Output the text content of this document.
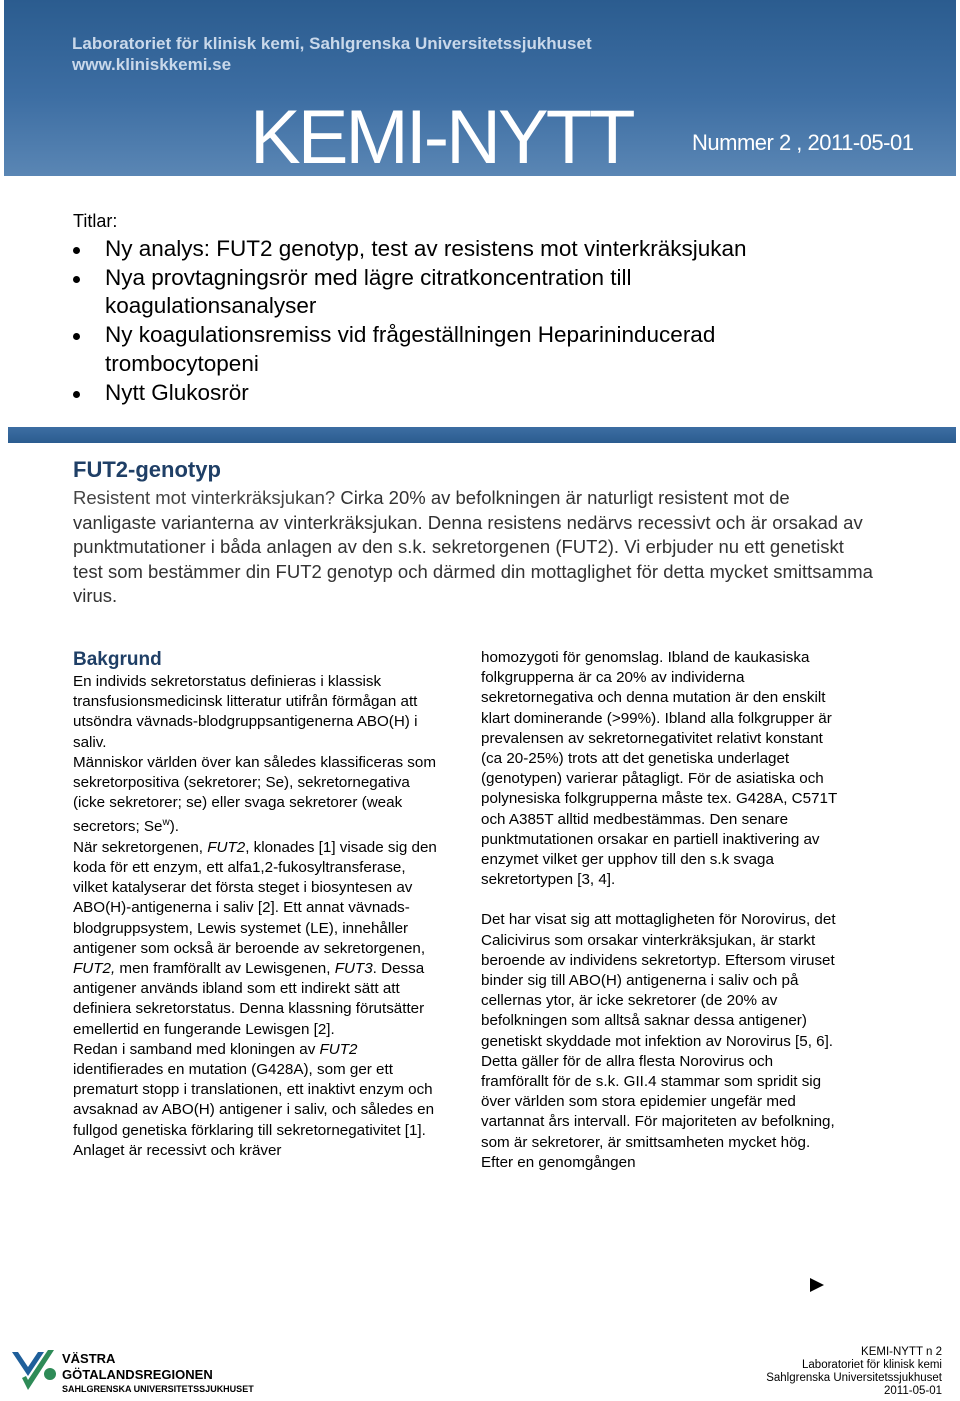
Laboratoriet för klinisk kemi, Sahlgrenska Universitetssjukhuset
www.kliniskkemi.se
KEMI-NYTT	Nummer 2 , 2011-05-01
Titlar:
Ny analys: FUT2 genotyp, test av resistens mot vinterkräksjukan
Nya provtagningsrör med lägre citratkoncentration till koagulationsanalyser
Ny koagulationsremiss vid frågeställningen Heparininducerad trombocytopeni
Nytt Glukosrör
FUT2-genotyp
Resistent mot vinterkräksjukan? Cirka 20% av befolkningen är naturligt resistent mot de vanligaste varianterna av vinterkräksjukan. Denna resistens nedärvs recessivt och är orsakad av punktmutationer i båda anlagen av den s.k. sekretorgenen (FUT2). Vi erbjuder nu ett genetiskt test som bestämmer din FUT2 genotyp och därmed din mottaglighet för detta mycket smittsamma virus.
Bakgrund

En individs sekretorstatus definieras i klassisk transfusionsmedicinsk litteratur utifrån förmågan att utsöndra vävnads-blodgruppsantigenerna ABO(H) i saliv.

Människor världen över kan således klassificeras som sekretorpositiva (sekretorer; Se), sekretornegativa (icke sekretorer; se) eller svaga sekretorer (weak secretors; Se$^w$).

När sekretorgenen, FUT2, klonades [1] visade sig den koda för ett enzym, ett alfa1,2-fukosyltransferase, vilket katalyserar det första steget i biosyntesen av ABO(H)-antigenerna i saliv [2]. Ett annat vävnads-blodgruppsystem, Lewis systemet (LE), innehåller antigener som också är beroende av sekretorgenen, FUT2, men framförallt av Lewisgenen, FUT3. Dessa antigener används ibland som ett indirekt sätt att definiera sekretorstatus. Denna klassning förutsätter emellertid en fungerande Lewisgen [2].

Redan i samband med kloningen av FUT2 identifierades en mutation (G428A), som ger ett prematurt stopp i translationen, ett inaktivt enzym och avsaknad av ABO(H) antigener i saliv, och således en fullgod genetiska förklaring till sekretornegativitet [1]. Anlaget är recessivt och kräver

homozygoti för genomslag. Ibland de kaukasiska folkgrupperna är ca 20% av individerna sekretornegativa och denna mutation är den enskilt klart dominerande (>99%). Ibland alla folkgrupper är prevalensen av sekretornegativitet relativt konstant (ca 20-25%) trots att det genetiska underlaget (genotypen) varierar påtagligt. För de asiatiska och polynesiska folkgrupperna måste tex. G428A, C571T och A385T alltid medbestämmas. Den senare punktmutationen orsakar en partiell inaktivering av enzymet vilket ger upphov till den s.k svaga sekretortypen [3, 4].

Det har visat sig att mottagligheten för Norovirus, det Calicivirus som orsakar vinterkräksjukan, är starkt beroende av individens sekretortyp. Eftersom viruset binder sig till ABO(H) antigenerna i saliv och på cellernas ytor, är icke sekretorer (de 20% av befolkningen som alltså saknar dessa antigener) genetiskt skyddade mot infektion av Norovirus [5, 6]. Detta gäller för de allra flesta Norovirus och framförallt för de s.k. GII.4 stammar som spridit sig över världen som stora epidemier ungefär med vartannat års intervall. För majoriteten av befolkning, som är sekretorer, är smittsamheten mycket hög. Efter en genomgången

VÄSTRA
GÖTALANDSREGIONEN
SAHLGRENSKA UNIVERSITETSSJUKHUSET
KEMI-NYTT n 2
Laboratoriet för klinisk kemi
Sahlgrenska Universitetssjukhuset
2011-05-01
